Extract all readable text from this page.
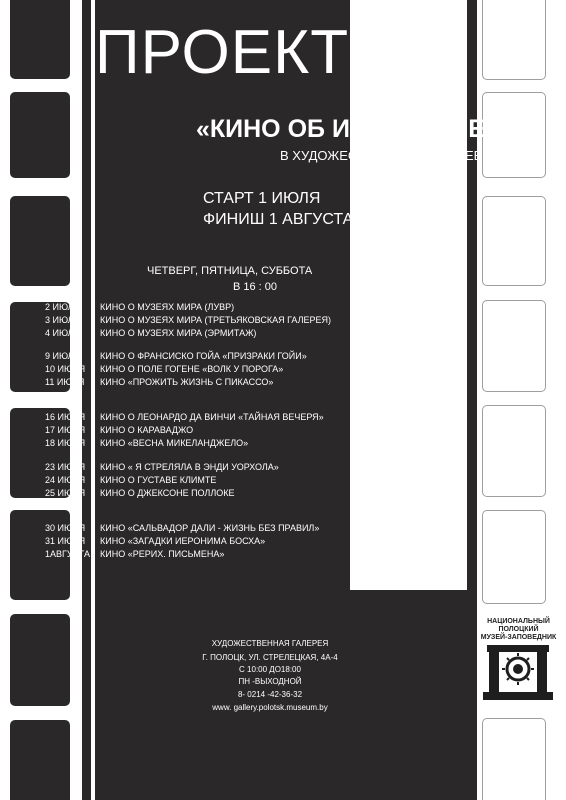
ПРОЕКТ
«КИНО ОБ ИСКУССТВЕ»
В ХУДОЖЕСТВЕННОЙ ГАЛЕРЕЕ
СТАРТ 1 ИЮЛЯ
ФИНИШ 1 АВГУСТА
ЧЕТВЕРГ, ПЯТНИЦА, СУББОТА
В 16 : 00
2 ИЮЛЯ	КИНО О МУЗЕЯХ МИРА (ЛУВР)
3 ИЮЛЯ	КИНО О МУЗЕЯХ МИРА (ТРЕТЬЯКОВСКАЯ ГАЛЕРЕЯ)
4 ИЮЛЯ	КИНО О МУЗЕЯХ МИРА (ЭРМИТАЖ)
9 ИЮЛЯ	КИНО О ФРАНСИСКО ГОЙА «ПРИЗРАКИ ГОЙИ»
10 ИЮЛЯ	КИНО О ПОЛЕ ГОГЕНЕ «ВОЛК У ПОРОГА»
11 ИЮЛЯ	КИНО «ПРОЖИТЬ ЖИЗНЬ С ПИКАССО»
16 ИЮЛЯ	КИНО О ЛЕОНАРДО ДА ВИНЧИ «ТАЙНАЯ ВЕЧЕРЯ»
17 ИЮЛЯ	КИНО О КАРАВАДЖО
18 ИЮЛЯ	КИНО «ВЕСНА МИКЕЛАНДЖЕЛО»
23 ИЮЛЯ	КИНО « Я СТРЕЛЯЛА В ЭНДИ УОРХОЛА»
24 ИЮЛЯ	КИНО О ГУСТАВЕ КЛИМТЕ
25 ИЮЛЯ	КИНО О ДЖЕКСОНЕ ПОЛЛОКЕ
30 ИЮЛЯ	КИНО «САЛЬВАДОР ДАЛИ - ЖИЗНЬ БЕЗ ПРАВИЛ»
31 ИЮЛЯ	КИНО «ЗАГАДКИ ИЕРОНИМА БОСХА»
1АВГУСТА	КИНО «РЕРИХ. ПИСЬМЕНА»
ХУДОЖЕСТВЕННАЯ ГАЛЕРЕЯ
Г. ПОЛОЦК, УЛ. СТРЕЛЕЦКАЯ, 4А-4
С 10:00 ДО18:00
ПН -ВЫХОДНОЙ
8- 0214 -42-36-32
www. gallery.polotsk.museum.by
НАЦИОНАЛЬНЫЙ
ПОЛОЦКИЙ
МУЗЕЙ-ЗАПОВЕДНИК
